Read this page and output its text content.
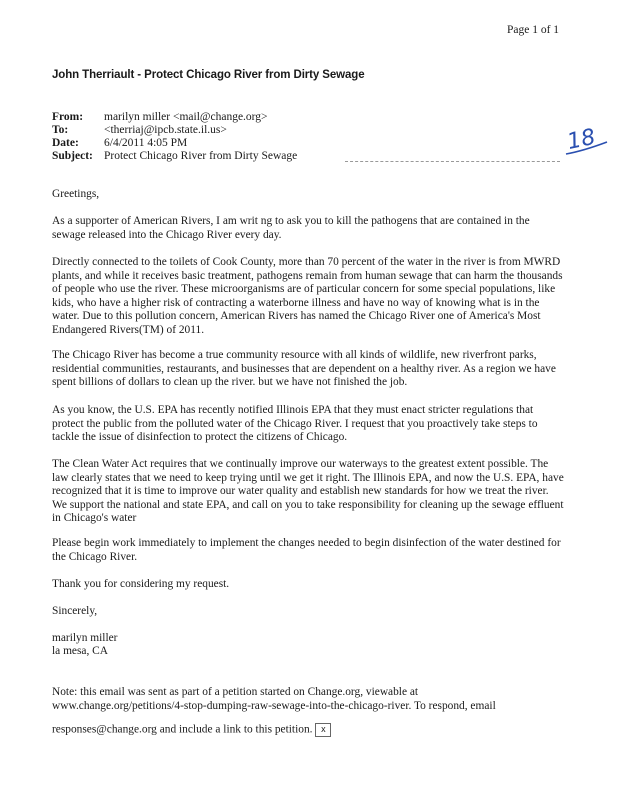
Page 1 of 1
John Therriault - Protect Chicago River from Dirty Sewage
From: marilyn miller <mail@change.org>
To:	<therriaj@ipcb.state.il.us>
Date: 6/4/2011 4:05 PM
Subject: Protect Chicago River from Dirty Sewage
18
Greetings,
As a supporter of American Rivers, I am writ ng to ask you to kill the pathogens that are contained in the sewage released into the Chicago River every day.
Directly connected to the toilets of Cook County, more than 70 percent of the water in the river is from MWRD plants, and while it receives basic treatment, pathogens remain from human sewage that can harm the thousands of people who use the river. These microorganisms are of particular concern for some special populations, like kids, who have a higher risk of contracting a waterborne illness and have no way of knowing what is in the water. Due to this pollution concern, American Rivers has named the Chicago River one of America's Most Endangered Rivers(TM) of 2011.
The Chicago River has become a true community resource with all kinds of wildlife, new riverfront parks, residential communities, restaurants, and businesses that are dependent on a healthy river. As a region we have spent billions of dollars to clean up the river. but we have not finished the job.
As you know, the U.S. EPA has recently notified Illinois EPA that they must enact stricter regulations that protect the public from the polluted water of the Chicago River. I request that you proactively take steps to tackle the issue of disinfection to protect the citizens of Chicago.
The Clean Water Act requires that we continually improve our waterways to the greatest extent possible. The law clearly states that we need to keep trying until we get it right. The Illinois EPA, and now the U.S. EPA, have recognized that it is time to improve our water quality and establish new standards for how we treat the river. We support the national and state EPA, and call on you to take responsibility for cleaning up the sewage effluent in Chicago's water
Please begin work immediately to implement the changes needed to begin disinfection of the water destined for the Chicago River.
Thank you for considering my request.
Sincerely,
marilyn miller
la mesa, CA
Note: this email was sent as part of a petition started on Change.org, viewable at
www.change.org/petitions/4-stop-dumping-raw-sewage-into-the-chicago-river. To respond, email
responses@change.org and include a link to this petition. x
